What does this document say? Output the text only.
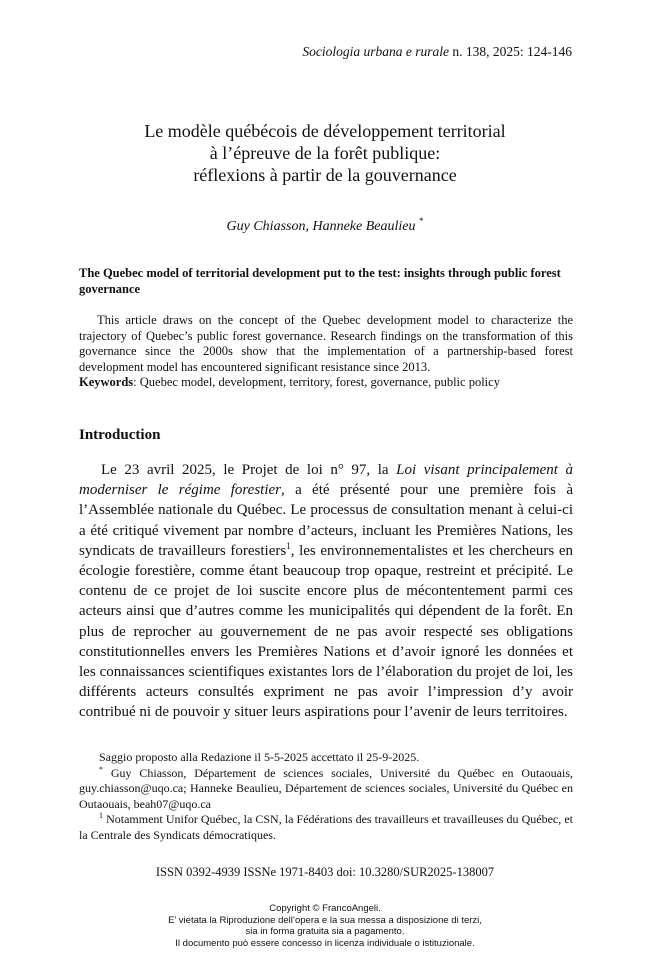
Sociologia urbana e rurale n. 138, 2025: 124-146
Le modèle québécois de développement territorial
à l’épreuve de la forêt publique:
réflexions à partir de la gouvernance
Guy Chiasson, Hanneke Beaulieu *
The Quebec model of territorial development put to the test: insights through public forest governance
This article draws on the concept of the Quebec development model to characterize the trajectory of Quebec’s public forest governance. Research findings on the transformation of this governance since the 2000s show that the implementation of a partnership-based forest development model has encountered significant resistance since 2013.
Keywords: Quebec model, development, territory, forest, governance, public policy
Introduction
Le 23 avril 2025, le Projet de loi n° 97, la Loi visant principalement à moderniser le régime forestier, a été présenté pour une première fois à l’Assemblée nationale du Québec. Le processus de consultation menant à celui-ci a été critiqué vivement par nombre d’acteurs, incluant les Premières Nations, les syndicats de travailleurs forestiers$^1$, les environnementalistes et les chercheurs en écologie forestière, comme étant beaucoup trop opaque, restreint et précipité. Le contenu de ce projet de loi suscite encore plus de mécontentement parmi ces acteurs ainsi que d’autres comme les municipalités qui dépendent de la forêt. En plus de reprocher au gouvernement de ne pas avoir respecté ses obligations constitutionnelles envers les Premières Nations et d’avoir ignoré les données et les connaissances scientifiques existantes lors de l’élaboration du projet de loi, les différents acteurs consultés expriment ne pas avoir l’impression d’y avoir contribué ni de pouvoir y situer leurs aspirations pour l’avenir de leurs territoires.
Saggio proposto alla Redazione il 5-5-2025 accettato il 25-9-2025.
* Guy Chiasson, Département de sciences sociales, Université du Québec en Outaouais, guy.chiasson@uqo.ca; Hanneke Beaulieu, Département de sciences sociales, Université du Québec en Outaouais, beah07@uqo.ca
$^1$ Notamment Unifor Québec, la CSN, la Fédérations des travailleurs et travailleuses du Québec, et la Centrale des Syndicats démocratiques.
ISSN 0392-4939 ISSNe 1971-8403 doi: 10.3280/SUR2025-138007
Copyright © FrancoAngeli.
E’ vietata la Riproduzione dell’opera e la sua messa a disposizione di terzi,
sia in forma gratuita sia a pagamento.
Il documento può essere concesso in licenza individuale o istituzionale.
